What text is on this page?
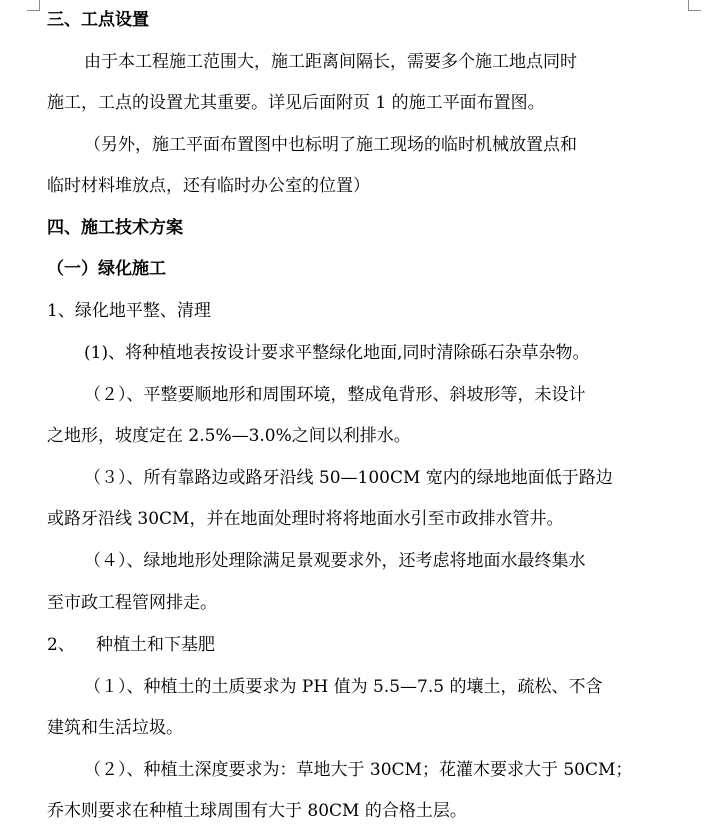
三、工点设置
由于本工程施工范围大，施工距离间隔长，需要多个施工地点同时
施工，工点的设置尤其重要。详见后面附页 1 的施工平面布置图。
（另外，施工平面布置图中也标明了施工现场的临时机械放置点和
临时材料堆放点，还有临时办公室的位置）
四、施工技术方案
（一）绿化施工
1、绿化地平整、清理
(1)、将种植地表按设计要求平整绿化地面,同时清除砾石杂草杂物。
（２）、平整要顺地形和周围环境，整成龟背形、斜坡形等，未设计
之地形，坡度定在 2.5%—3.0%之间以利排水。
（３）、所有靠路边或路牙沿线 50—100CM 宽内的绿地地面低于路边
或路牙沿线 30CM，并在地面处理时将将地面水引至市政排水管井。
（４）、绿地地形处理除满足景观要求外，还考虑将地面水最终集水
至市政工程管网排走。
2、 种植土和下基肥
（１）、种植土的土质要求为 PH 值为 5.5—7.5 的壤土，疏松、不含
建筑和生活垃圾。
（２）、种植土深度要求为：草地大于 30CM；花灌木要求大于 50CM；
乔木则要求在种植土球周围有大于 80CM 的合格土层。
